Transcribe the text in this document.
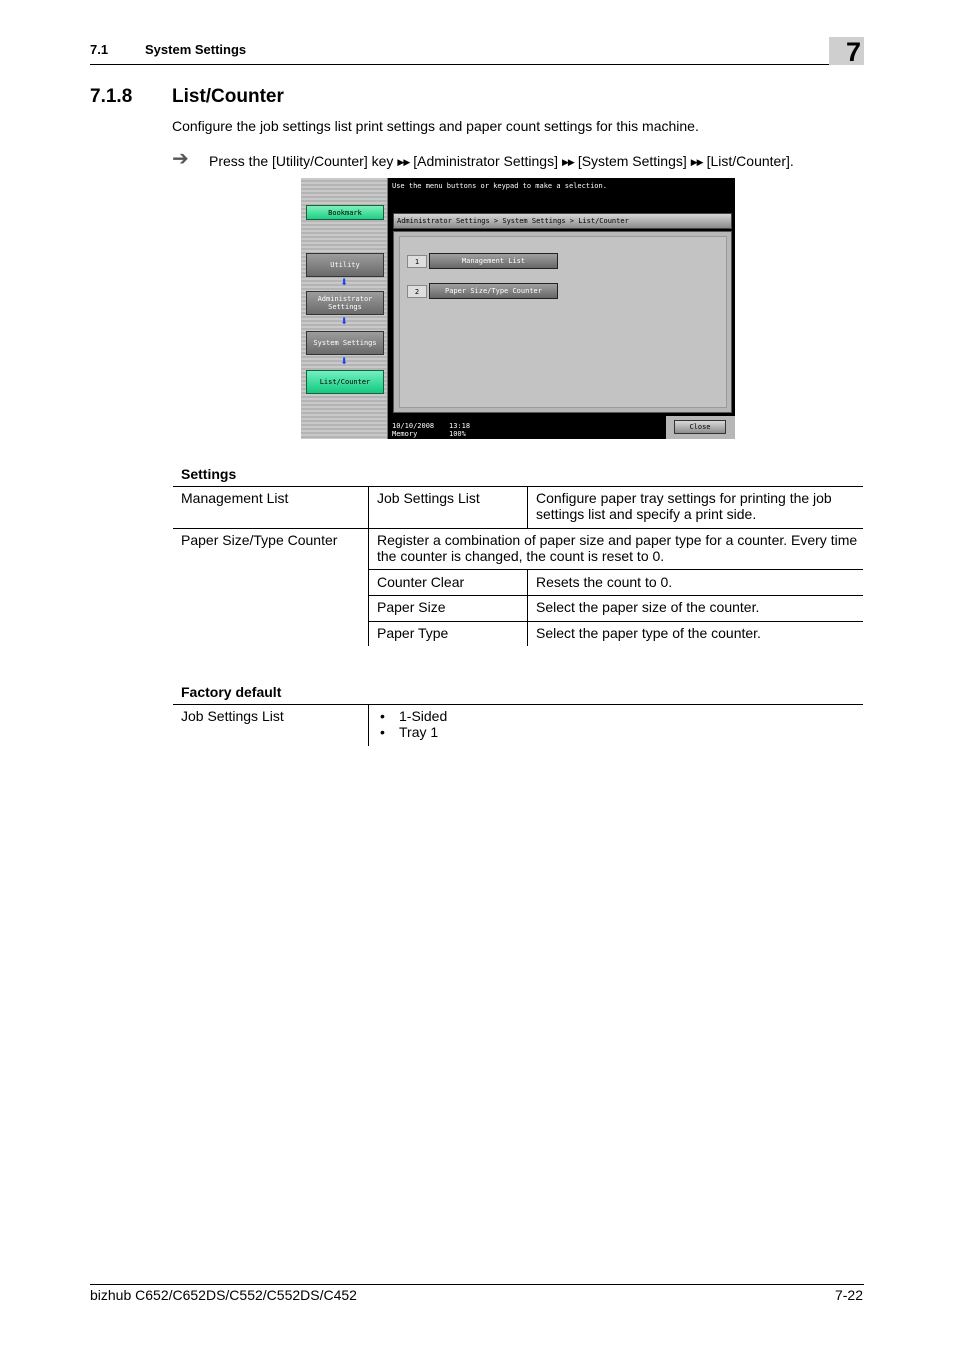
7.1	System Settings	7
7.1.8 List/Counter
Configure the job settings list print settings and paper count settings for this machine.
➔ Press the [Utility/Counter] key ▶▶ [Administrator Settings] ▶▶ [System Settings] ▶▶ [List/Counter].
Bookmark
Utility
⬇
Administrator
Settings
⬇
System Settings
⬇
List/Counter
Use the menu buttons or keypad to make a selection.
Administrator Settings > System Settings > List/Counter
1	Management List
2	Paper Size/Type Counter
10/10/2008 13:18
Memory	100%
Close
Settings
Management List	Job Settings List	Configure paper tray settings for printing the job settings list and specify a print side.
Paper Size/Type Counter	Register a combination of paper size and paper type for a counter. Every time the counter is changed, the count is reset to 0.
Counter Clear	Resets the count to 0.
Paper Size	Select the paper size of the counter.
Paper Type	Select the paper type of the counter.
Factory default
Job Settings List
•	1-Sided
• Tray 1
bizhub C652/C652DS/C552/C552DS/C452	7-22
